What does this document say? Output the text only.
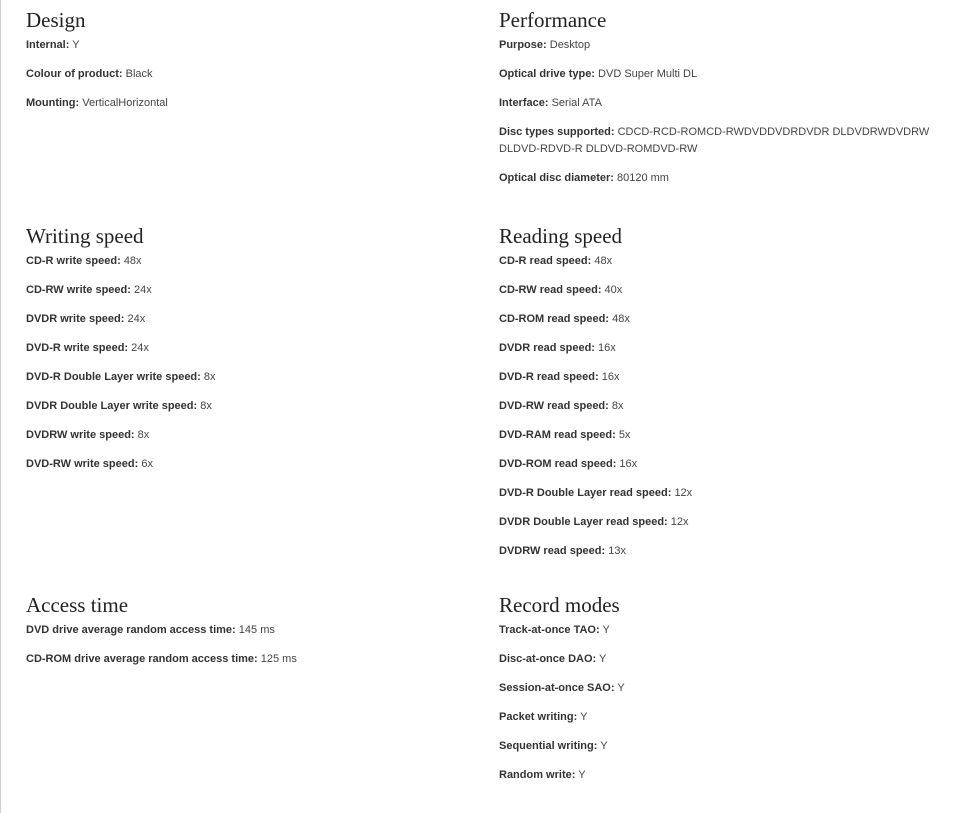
Design
Internal: Y
Colour of product: Black
Mounting: VerticalHorizontal
Performance
Purpose: Desktop
Optical drive type: DVD Super Multi DL
Interface: Serial ATA
Disc types supported: CDCD-RCD-ROMCD-RWDVDDVDRDVDR DLDVDRWDVDRW DLDVD-RDVD-R DLDVD-ROMDVD-RW
Optical disc diameter: 80120 mm
Writing speed
CD-R write speed: 48x
CD-RW write speed: 24x
DVDR write speed: 24x
DVD-R write speed: 24x
DVD-R Double Layer write speed: 8x
DVDR Double Layer write speed: 8x
DVDRW write speed: 8x
DVD-RW write speed: 6x
Reading speed
CD-R read speed: 48x
CD-RW read speed: 40x
CD-ROM read speed: 48x
DVDR read speed: 16x
DVD-R read speed: 16x
DVD-RW read speed: 8x
DVD-RAM read speed: 5x
DVD-ROM read speed: 16x
DVD-R Double Layer read speed: 12x
DVDR Double Layer read speed: 12x
DVDRW read speed: 13x
Access time
DVD drive average random access time: 145 ms
CD-ROM drive average random access time: 125 ms
Record modes
Track-at-once TAO: Y
Disc-at-once DAO: Y
Session-at-once SAO: Y
Packet writing: Y
Sequential writing: Y
Random write: Y
